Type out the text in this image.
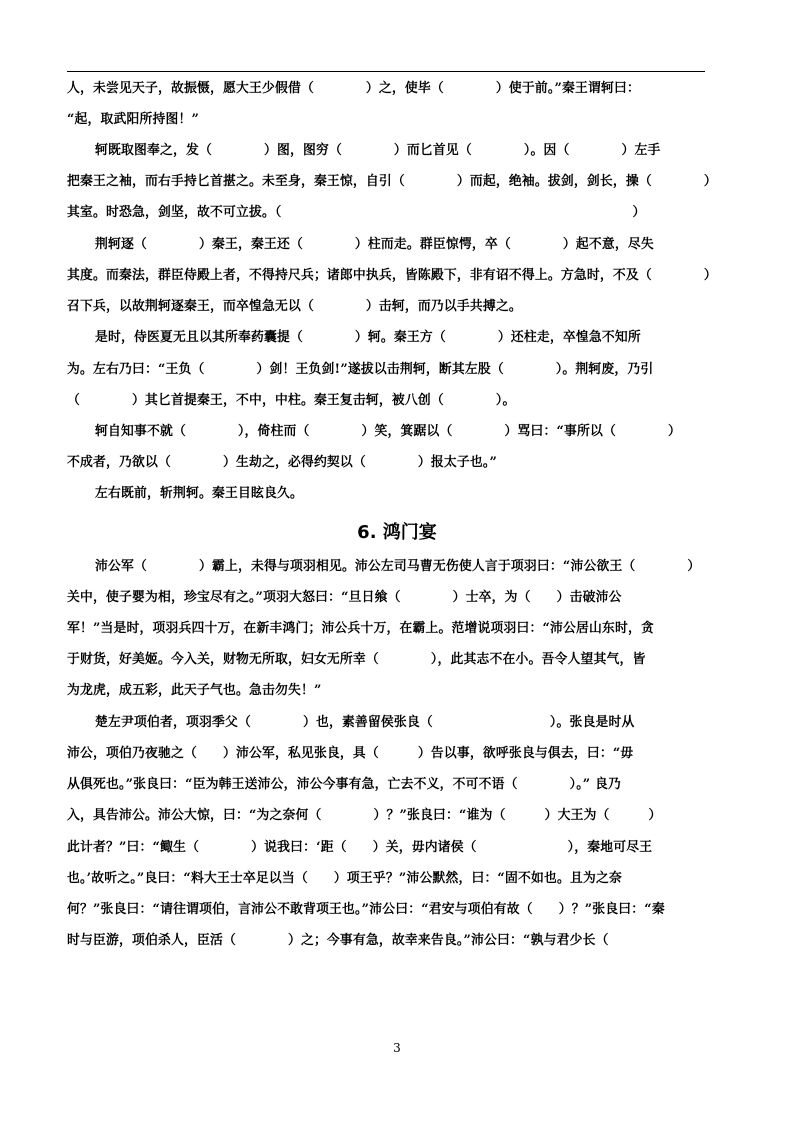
人，未尝见天子，故振慑，愿大王少假借（　　　　）之，使毕（　　　　）使于前。”秦王谓轲曰：
“起，取武阳所持图！”
轲既取图奉之，发（　　　　）图，图穷（　　　　）而匕首见（　　　　）。因（　　　　）左手
把秦王之袖，而右手持匕首揕之。未至身，秦王惊，自引（　　　　）而起，绝袖。拔剑，剑长，操（　　　　）
其室。时恐急，剑坚，故不可立拔。（　　　　　　　　　　　　　　　　　　　　　　　　　　　）
荆轲逐（　　　　）秦王，秦王还（　　　　）柱而走。群臣惊愕，卒（　　　　）起不意，尽失
其度。而秦法，群臣侍殿上者，不得持尺兵；诸郎中执兵，皆陈殿下，非有诏不得上。方急时，不及（　　　　）
召下兵，以故荆轲逐秦王，而卒惶急无以（　　　　）击轲，而乃以手共搏之。
是时，侍医夏无且以其所奉药囊提（　　　　）轲。秦王方（　　　　）还柱走，卒惶急不知所
为。左右乃曰：“王负（　　　　）剑！王负剑!”遂拔以击荆轲，断其左股（　　　　）。荆轲废，乃引
（　　　　）其匕首提秦王，不中，中柱。秦王复击轲，被八创（　　　　）。
轲自知事不就（　　　　），倚柱而（　　　　）笑，箕踞以（　　　　）骂曰：“事所以（　　　　）
不成者，乃欲以（　　　　）生劫之，必得约契以（　　　　）报太子也。”
左右既前，斩荆轲。秦王目眩良久。
6. 鸿门宴
沛公军（　　　　）霸上，未得与项羽相见。沛公左司马曹无伤使人言于项羽曰：“沛公欲王（　　　　）
关中，使子婴为相，珍宝尽有之。”项羽大怒曰：“旦日飨（　　　　）士卒，为（　　）击破沛公
军！”当是时，项羽兵四十万，在新丰鸿门；沛公兵十万，在霸上。范增说项羽曰：“沛公居山东时，贪
于财货，好美姬。今入关，财物无所取，妇女无所幸（　　　　），此其志不在小。吾令人望其气，皆
为龙虎，成五彩，此天子气也。急击勿失！”
楚左尹项伯者，项羽季父（　　　　）也，素善留侯张良（　　　　　　　　　）。张良是时从
沛公，项伯乃夜驰之（　　）沛公军，私见张良，具（　　　）告以事，欲呼张良与俱去，曰：“毋
从俱死也。”张良曰：“臣为韩王送沛公，沛公今事有急，亡去不义，不可不语（　　　　）。” 良乃
入，具告沛公。沛公大惊，曰：“为之奈何（　　　　）？”张良曰：“谁为（　　　）大王为（　　　）
此计者？”曰：“鲰生（　　　　）说我曰：‘距（　　）关，毋内诸侯（　　　　　　　），秦地可尽王
也。’故听之。”良曰：“料大王士卒足以当（　　）项王乎？”沛公默然，曰：“固不如也。且为之奈
何？”张良曰：“请往谓项伯，言沛公不敢背项王也。”沛公曰：“君安与项伯有故（　　）？”张良曰：“秦
时与臣游，项伯杀人，臣活（　　　　）之；今事有急，故幸来告良。”沛公曰：“孰与君少长（
3
